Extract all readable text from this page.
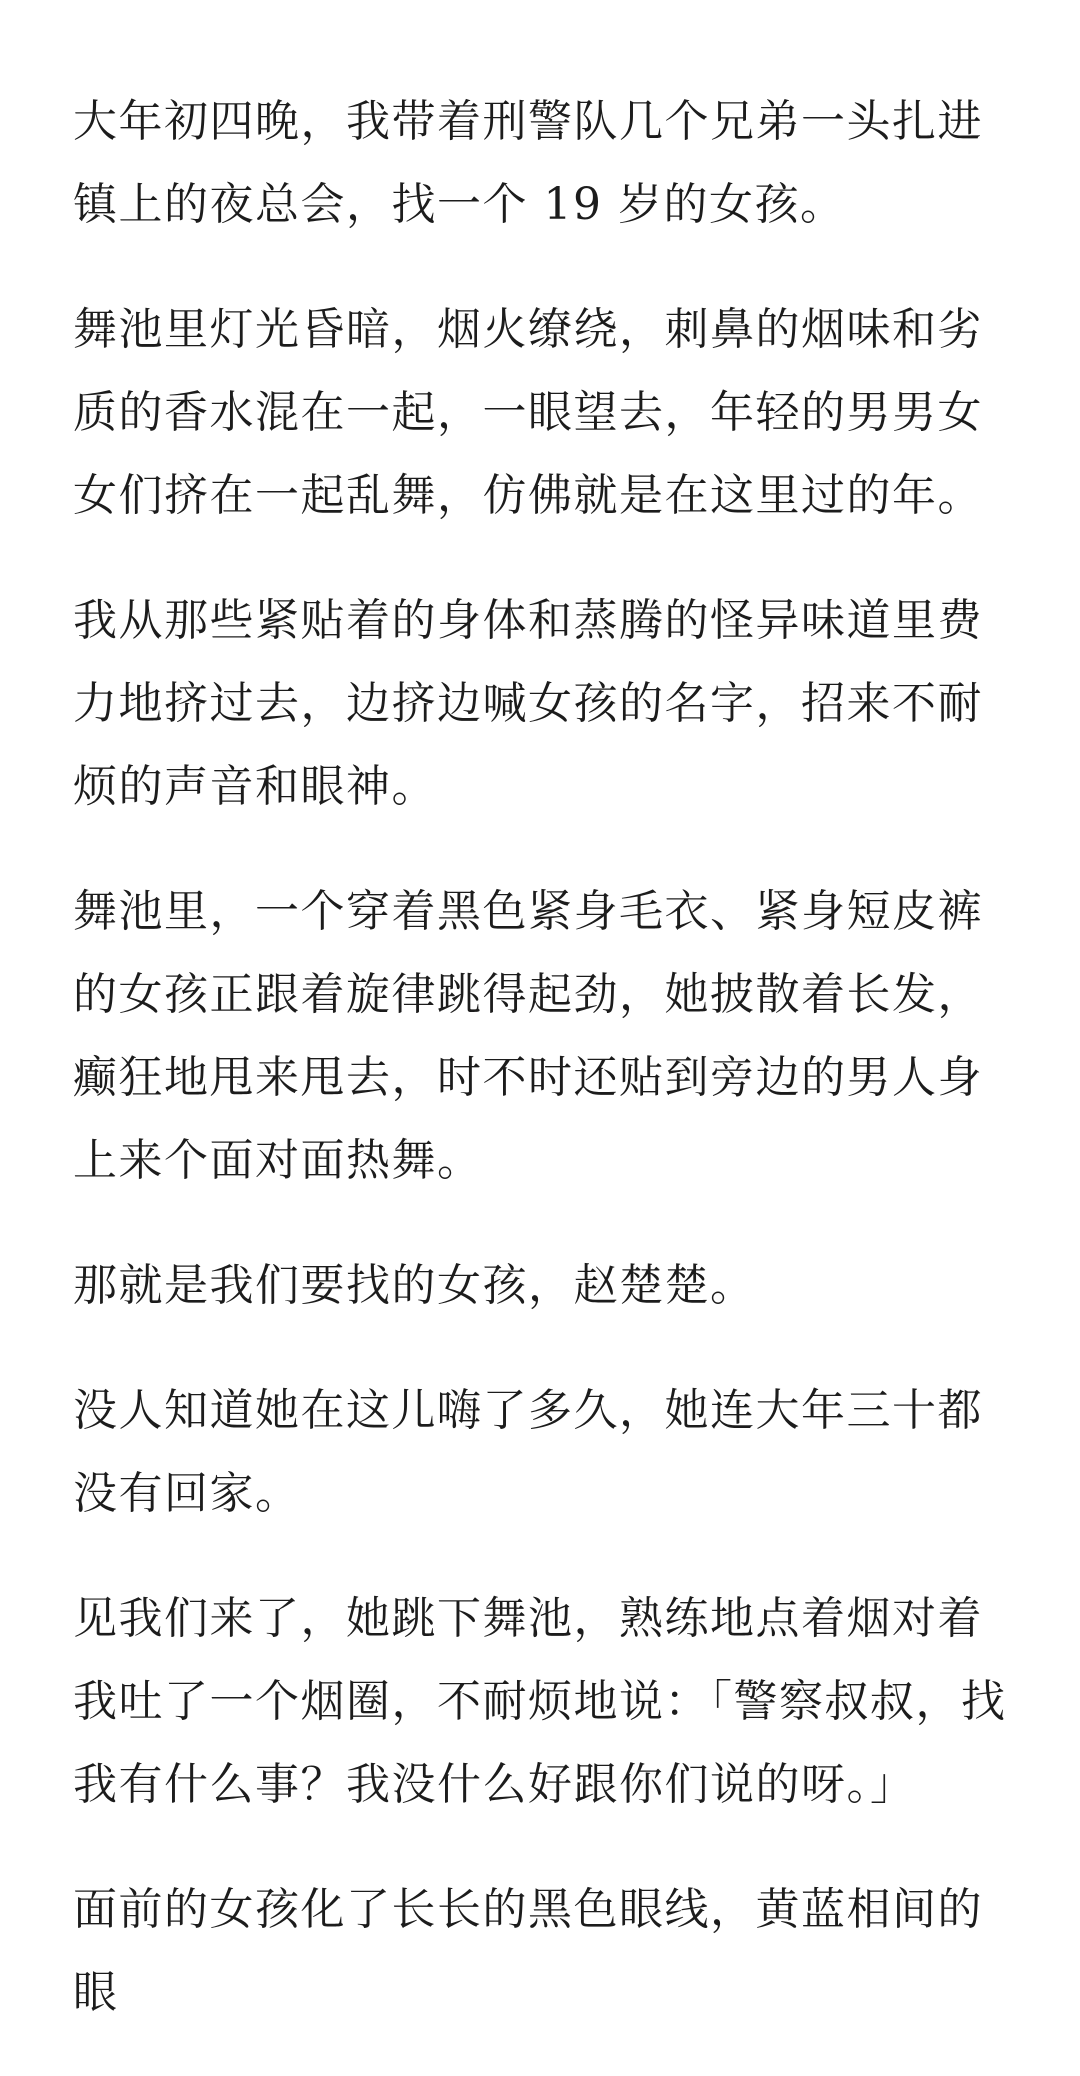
大年初四晚，我带着刑警队几个兄弟一头扎进镇上的夜总会，找一个 19 岁的女孩。

舞池里灯光昏暗，烟火缭绕，刺鼻的烟味和劣质的香水混在一起，一眼望去，年轻的男男女女们挤在一起乱舞，仿佛就是在这里过的年。

我从那些紧贴着的身体和蒸腾的怪异味道里费力地挤过去，边挤边喊女孩的名字，招来不耐烦的声音和眼神。

舞池里，一个穿着黑色紧身毛衣、紧身短皮裤的女孩正跟着旋律跳得起劲，她披散着长发，癫狂地甩来甩去，时不时还贴到旁边的男人身上来个面对面热舞。

那就是我们要找的女孩，赵楚楚。

没人知道她在这儿嗨了多久，她连大年三十都没有回家。

见我们来了，她跳下舞池，熟练地点着烟对着我吐了一个烟圈，不耐烦地说：「警察叔叔，找我有什么事？我没什么好跟你们说的呀。」

面前的女孩化了长长的黑色眼线，黄蓝相间的眼
